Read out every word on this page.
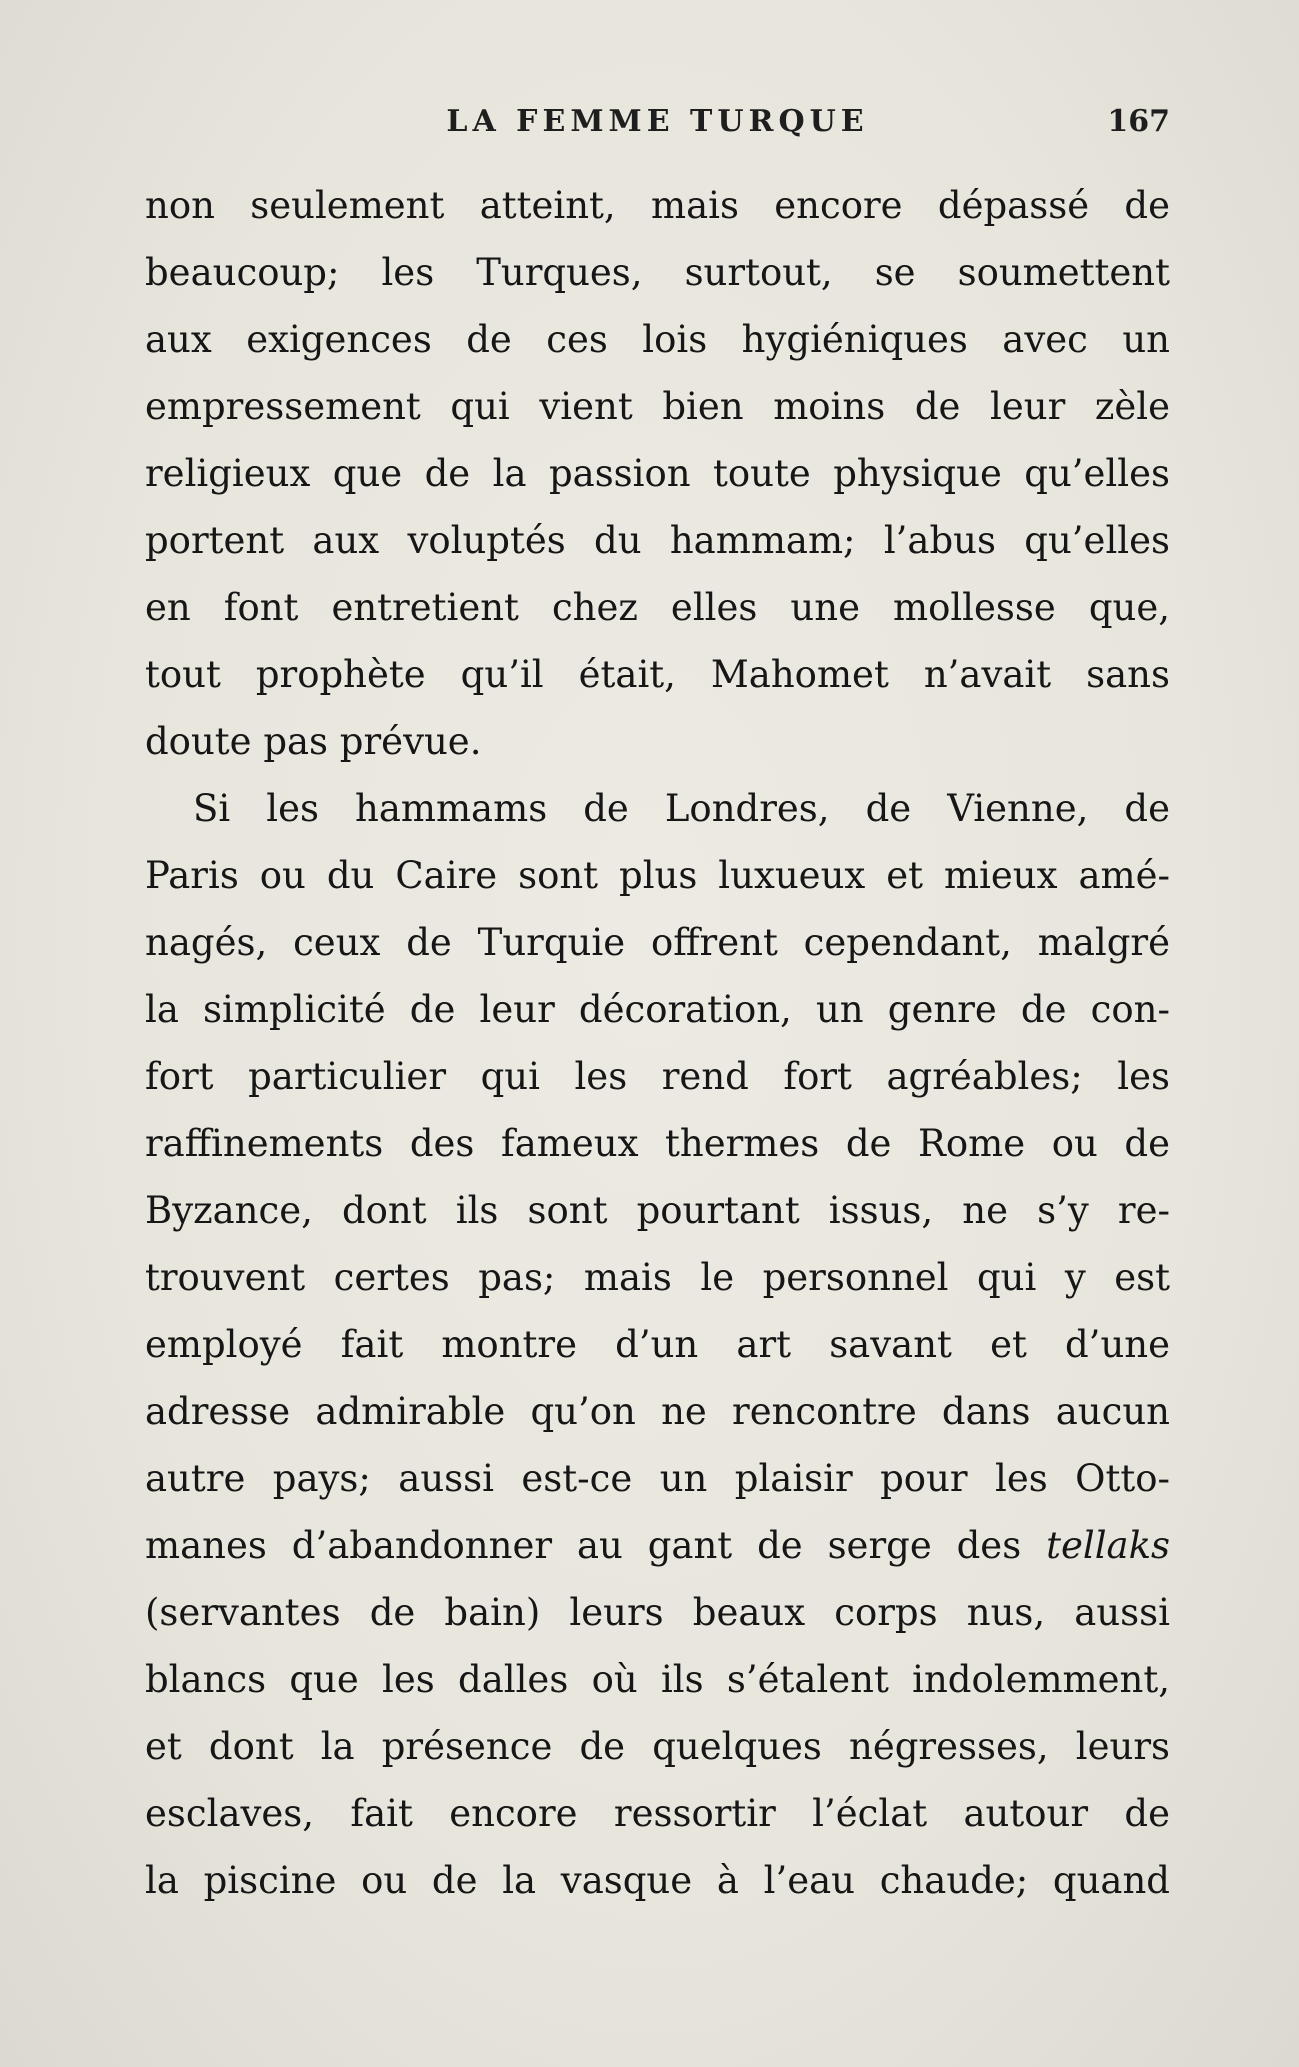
LA FEMME TURQUE	167
non seulement atteint, mais encore dépassé de
beaucoup; les Turques, surtout, se soumettent
aux exigences de ces lois hygiéniques avec un
empressement qui vient bien moins de leur zèle
religieux que de la passion toute physique qu’elles
portent aux voluptés du hammam; l’abus qu’elles
en font entretient chez elles une mollesse que,
tout prophète qu’il était, Mahomet n’avait sans
doute pas prévue.
Si les hammams de Londres, de Vienne, de
Paris ou du Caire sont plus luxueux et mieux amé-
nagés, ceux de Turquie offrent cependant, malgré
la simplicité de leur décoration, un genre de con-
fort particulier qui les rend fort agréables; les
raffinements des fameux thermes de Rome ou de
Byzance, dont ils sont pourtant issus, ne s’y re-
trouvent certes pas; mais le personnel qui y est
employé fait montre d’un art savant et d’une
adresse admirable qu’on ne rencontre dans aucun
autre pays; aussi est-ce un plaisir pour les Otto-
manes d’abandonner au gant de serge des tellaks
(servantes de bain) leurs beaux corps nus, aussi
blancs que les dalles où ils s’étalent indolemment,
et dont la présence de quelques négresses, leurs
esclaves, fait encore ressortir l’éclat autour de
la piscine ou de la vasque à l’eau chaude; quand
